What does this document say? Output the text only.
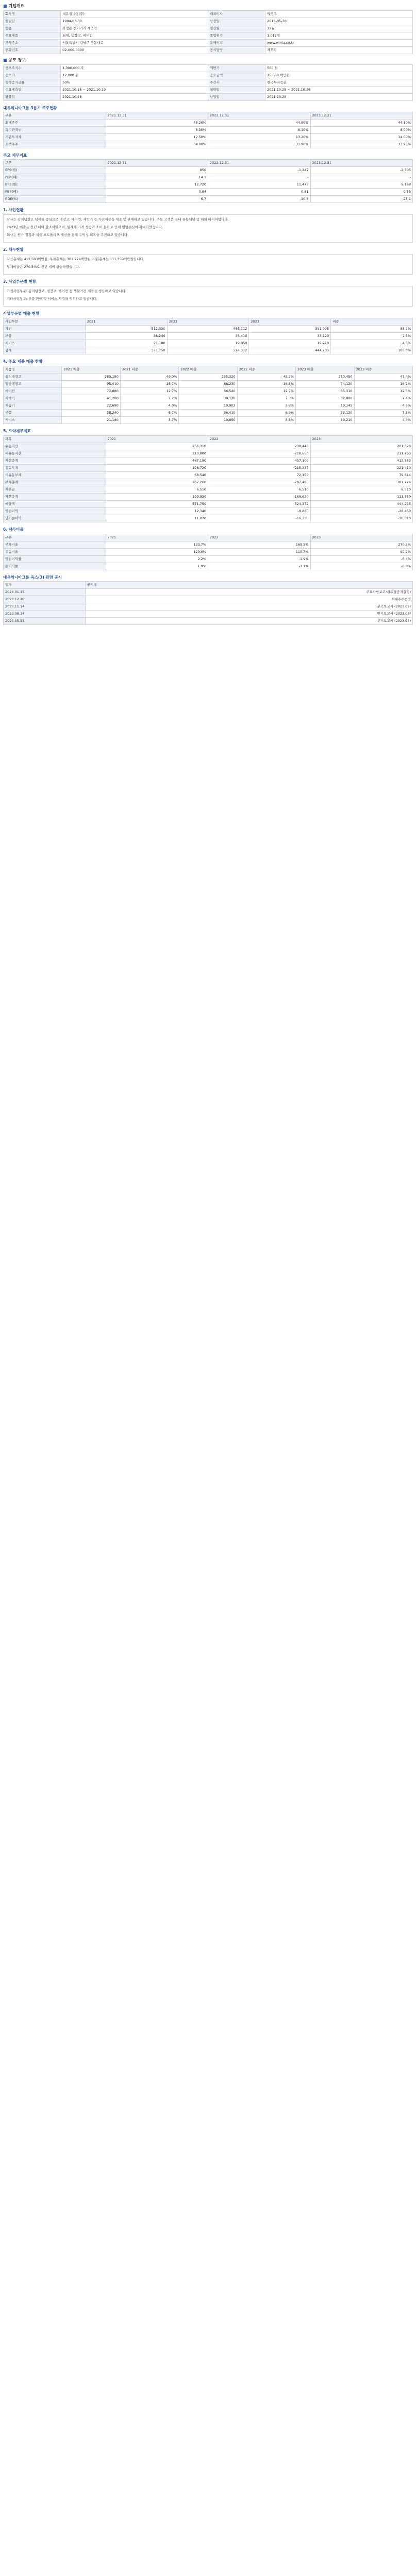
■ 기업개요
회사명	대유위니아(주)	대표이사	박영우
설립일	1994-03-30	상장일	2013-05-30
업종	가정용 전기기기 제조업	결산월	12월
주요제품	딤채, 냉장고, 에어컨	종업원수	1,012명
본사주소	서울특별시 강남구 영동대로	홈페이지	www.winia.co.kr
전화번호	02-000-0000	공시담당	재무팀
■ 공모 정보
공모주식수	1,300,000 주	액면가	500 원
공모가	12,000 원	공모금액	15,600 백만원
청약증거금률	50%	주간사	한국투자증권
수요예측일	2021.10.18 ~ 2021.10.19	청약일	2021.10.25 ~ 2021.10.26
환불일	2021.10.28	납입일	2021.10.28
대유위니아그룹 3분기 주주현황
구분	2021.12.31	2022.12.31	2023.12.31
최대주주	45.20%	44.80%	44.10%
특수관계인	8.30%	8.10%	8.00%
기관투자자	12.50%	13.20%	14.00%
소액주주	34.00%	33.90%	33.90%
주요 재무지표
구분	2021.12.31	2022.12.31	2023.12.31
EPS(원)	850	-1,247	-2,305
PER(배)	14.1	-	-
BPS(원)	12,720	11,473	9,168
PBR(배)	0.94	0.81	0.55
ROE(%)	6.7	-10.8	-25.1
1. 사업현황

당사는 김치냉장고 딤채를 중심으로 냉장고, 에어컨, 세탁기 등 가전제품을 제조 및 판매하고 있습니다. 주요 고객은 국내 유통채널 및 해외 바이어입니다.

2023년 매출은 전년 대비 감소하였으며, 원자재 가격 상승과 소비 둔화로 인해 영업손실이 확대되었습니다.

회사는 원가 절감과 제품 포트폴리오 개선을 통해 수익성 회복을 추진하고 있습니다.

2. 재무현황

자산총계는 412,583백만원, 부채총계는 301,224백만원, 자본총계는 111,359백만원입니다.

부채비율은 270.5%로 전년 대비 상승하였습니다.

3. 사업부문별 현황

가전사업부문: 김치냉장고, 냉장고, 에어컨 등 생활가전 제품을 생산하고 있습니다.

기타사업부문: 부품 판매 및 서비스 사업을 영위하고 있습니다.

사업부문별 매출 현황
사업부문	2021	2022	2023	비중
가전	512,330	468,112	391,905	88.2%
부품	38,240	36,410	33,120	7.5%
서비스	21,180	19,850	19,210	4.3%
합계	571,750	524,372	444,235	100.0%
4. 주요 제품 매출 현황
제품명	2021 매출	2021 비중	2022 매출	2022 비중	2023 매출	2023 비중
김치냉장고	280,150	49.0%	255,320	48.7%	210,450	47.4%
일반냉장고	95,410	16.7%	88,230	16.8%	74,120	16.7%
에어컨	72,880	12.7%	66,540	12.7%	55,310	12.5%
세탁기	41,200	7.2%	38,120	7.3%	32,880	7.4%
제습기	22,690	4.0%	19,902	3.8%	19,145	4.3%
부품	38,240	6.7%	36,410	6.9%	33,120	7.5%
서비스	21,180	3.7%	19,850	3.8%	19,210	4.3%
5. 요약재무제표
과목	2021	2022	2023
유동자산	256,310	238,440	201,320
비유동자산	210,880	218,660	211,263
자산총계	467,190	457,100	412,583
유동부채	198,720	215,330	221,410
비유동부채	68,540	72,150	79,814
부채총계	267,260	287,480	301,224
자본금	6,510	6,510	6,510
자본총계	199,930	169,620	111,359
매출액	571,750	524,372	444,235
영업이익	12,340	-9,880	-28,450
당기순이익	11,070	-16,230	-30,010
6. 재무비율
구분	2021	2022	2023
부채비율	133.7%	169.5%	270.5%
유동비율	129.0%	110.7%	90.9%
영업이익률	2.2%	-1.9%	-6.4%
순이익률	1.9%	-3.1%	-6.8%
대유위니아그룹 옥스(3) 관련 공시
일자	공시명
2024.01.15	주요사항보고서(유상증자결정)
2023.12.20	최대주주변경
2023.11.14	분기보고서 (2023.09)
2023.08.14	반기보고서 (2023.06)
2023.05.15	분기보고서 (2023.03)
